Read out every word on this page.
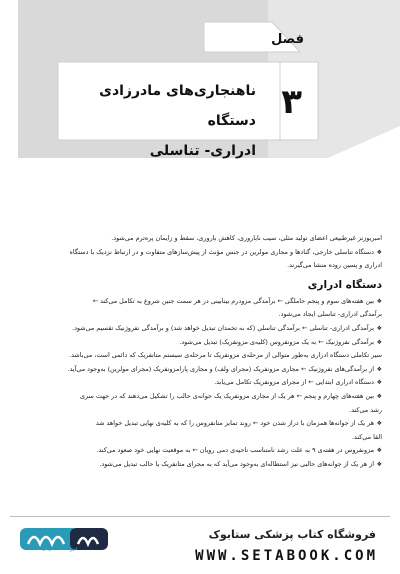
فصل
۳
ناهنجاری‌های مادرزادی دستگاه
ادراری- تناسلی

امبریوزنز غیرطبیعی اعضای تولید مثلی، سیب ناباروری، کاهش باروری، سقط و زایمان پره‌ترم می‌شود.

❖ دستگاه تناسلی خارجی، گنادها و مجاری مولرین در جنس مؤنث از پیش‌سازهای متفاوت و در ارتباط نزدیک با دستگاه

ادراری و پسین روده منشا می‌گیرند.

دستگاه ادراری

❖ بین هفته‌های سوم و پنجم حاملگی ← برآمدگی مزودرم بینابینی در هر سمت جنین شروع به تکامل می‌کند ←

برآمدگی ادراری- تناسلی ایجاد می‌شود.

❖ برآمدگی ادراری- تناسلی ← برآمدگی تناسلی (که به تخمدان تبدیل خواهد شد) و برآمدگی نفروژنیک تقسیم می‌شود.

❖ برآمدگی نفروژنیک ← به یک مزونفروس (کلیه‌ی مزونفریک) تبدیل می‌شود.

سیر تکاملی دستگاه ادراری به‌طور متوالی از مرحله‌ی مزونفریک تا مرحله‌ی سیستم متانفریک که دائمی است، می‌باشد.

❖ از برآمدگی‌های نفروژنیک ← مجاری مزونفریک (مجرای ولف) و مجاری پارامزونفریک (مجرای مولرین) به‌وجود می‌آید.

❖ دستگاه ادراری ابتدایی ← از مجرای مزونفریک تکامل می‌یابد.

❖ بین هفته‌های چهارم و پنجم ← هر یک از مجاری مزونفریک یک جوانه‌ی حالب را تشکیل می‌دهند که در جهت سری

رشد می‌کند.

❖ هر یک از جوانه‌ها همزمان با دراز شدن خود ← روند تمایز متانفروس را که به کلیه‌ی نهایی تبدیل خواهد شد

القا می‌کند.

❖ مزونفروس در هفته‌ی ۹ به علت رشد نامتناسب ناحیه‌ی دمی رویان ← به موقعیت نهایی خود صعود می‌کند.

❖ از هر یک از جوانه‌های حالبی نیز استطاله‌ای به‌وجود می‌آید که به مجرای متانفریک یا حالب تبدیل می‌شود.

فروشگاه اینترنتی کتاب
فروشگاه کتاب پزشکی ستابوک
WWW.SETABOOK.COM
